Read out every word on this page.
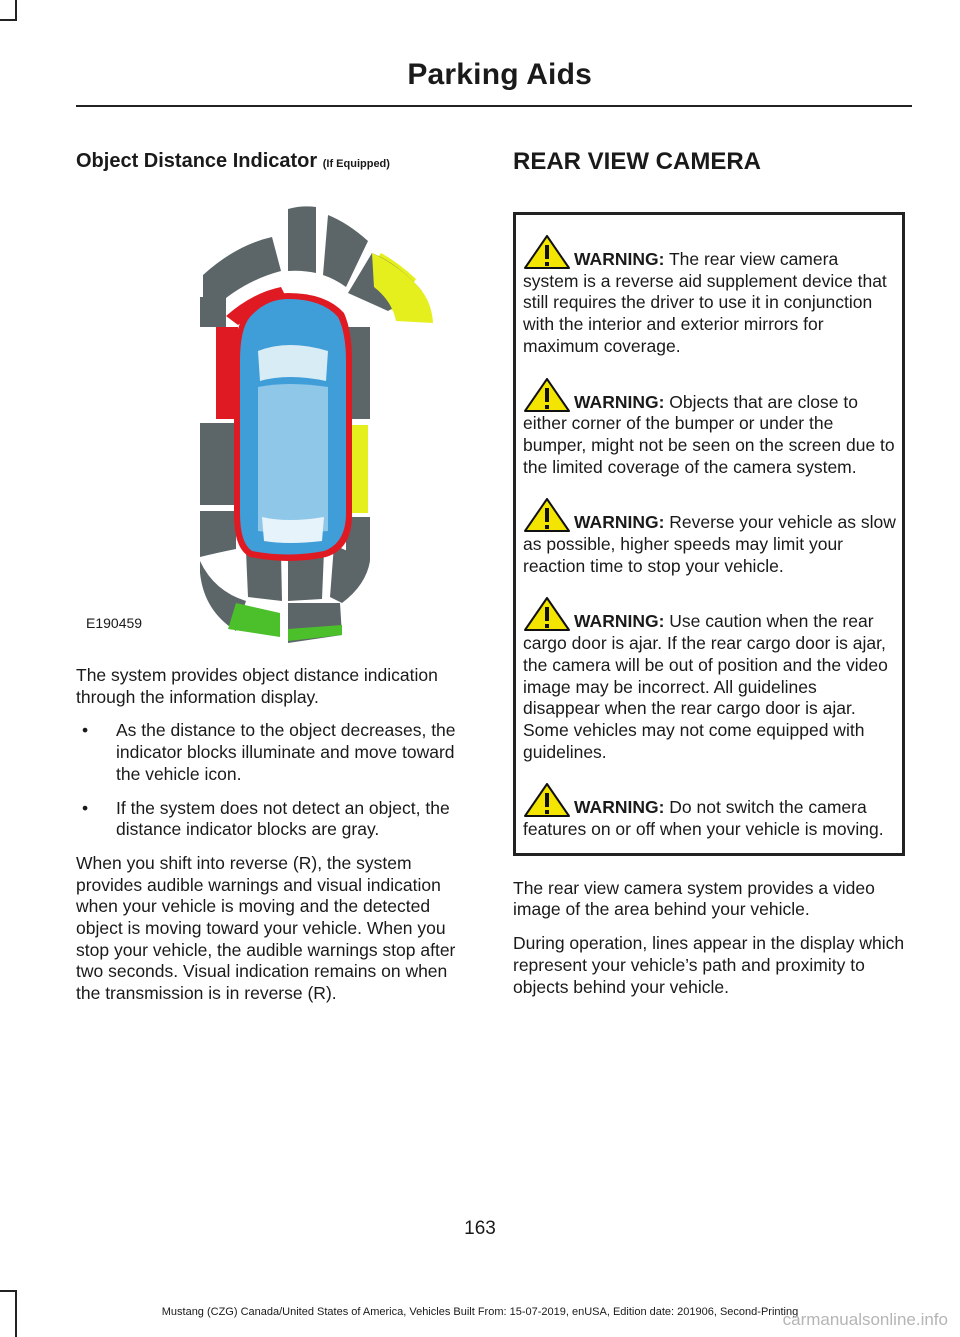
Parking Aids
Object Distance Indicator (If Equipped)
E190459

The system provides object distance indication through the information display.

• As the distance to the object decreases, the indicator blocks illuminate and move toward the vehicle icon.
• If the system does not detect an object, the distance indicator blocks are gray.

When you shift into reverse (R), the system provides audible warnings and visual indication when your vehicle is moving and the detected object is moving toward your vehicle. When you stop your vehicle, the audible warnings stop after two seconds. Visual indication remains on when the transmission is in reverse (R).

REAR VIEW CAMERA

WARNING: The rear view camera system is a reverse aid supplement device that still requires the driver to use it in conjunction with the interior and exterior mirrors for maximum coverage.

WARNING: Objects that are close to either corner of the bumper or under the bumper, might not be seen on the screen due to the limited coverage of the camera system.

WARNING: Reverse your vehicle as slow as possible, higher speeds may limit your reaction time to stop your vehicle.

WARNING: Use caution when the rear cargo door is ajar. If the rear cargo door is ajar, the camera will be out of position and the video image may be incorrect. All guidelines disappear when the rear cargo door is ajar. Some vehicles may not come equipped with guidelines.

WARNING: Do not switch the camera features on or off when your vehicle is moving.

The rear view camera system provides a video image of the area behind your vehicle.

During operation, lines appear in the display which represent your vehicle’s path and proximity to objects behind your vehicle.

163
Mustang (CZG) Canada/United States of America, Vehicles Built From: 15-07-2019, enUSA, Edition date: 201906, Second-Printing
carmanualsonline.info
